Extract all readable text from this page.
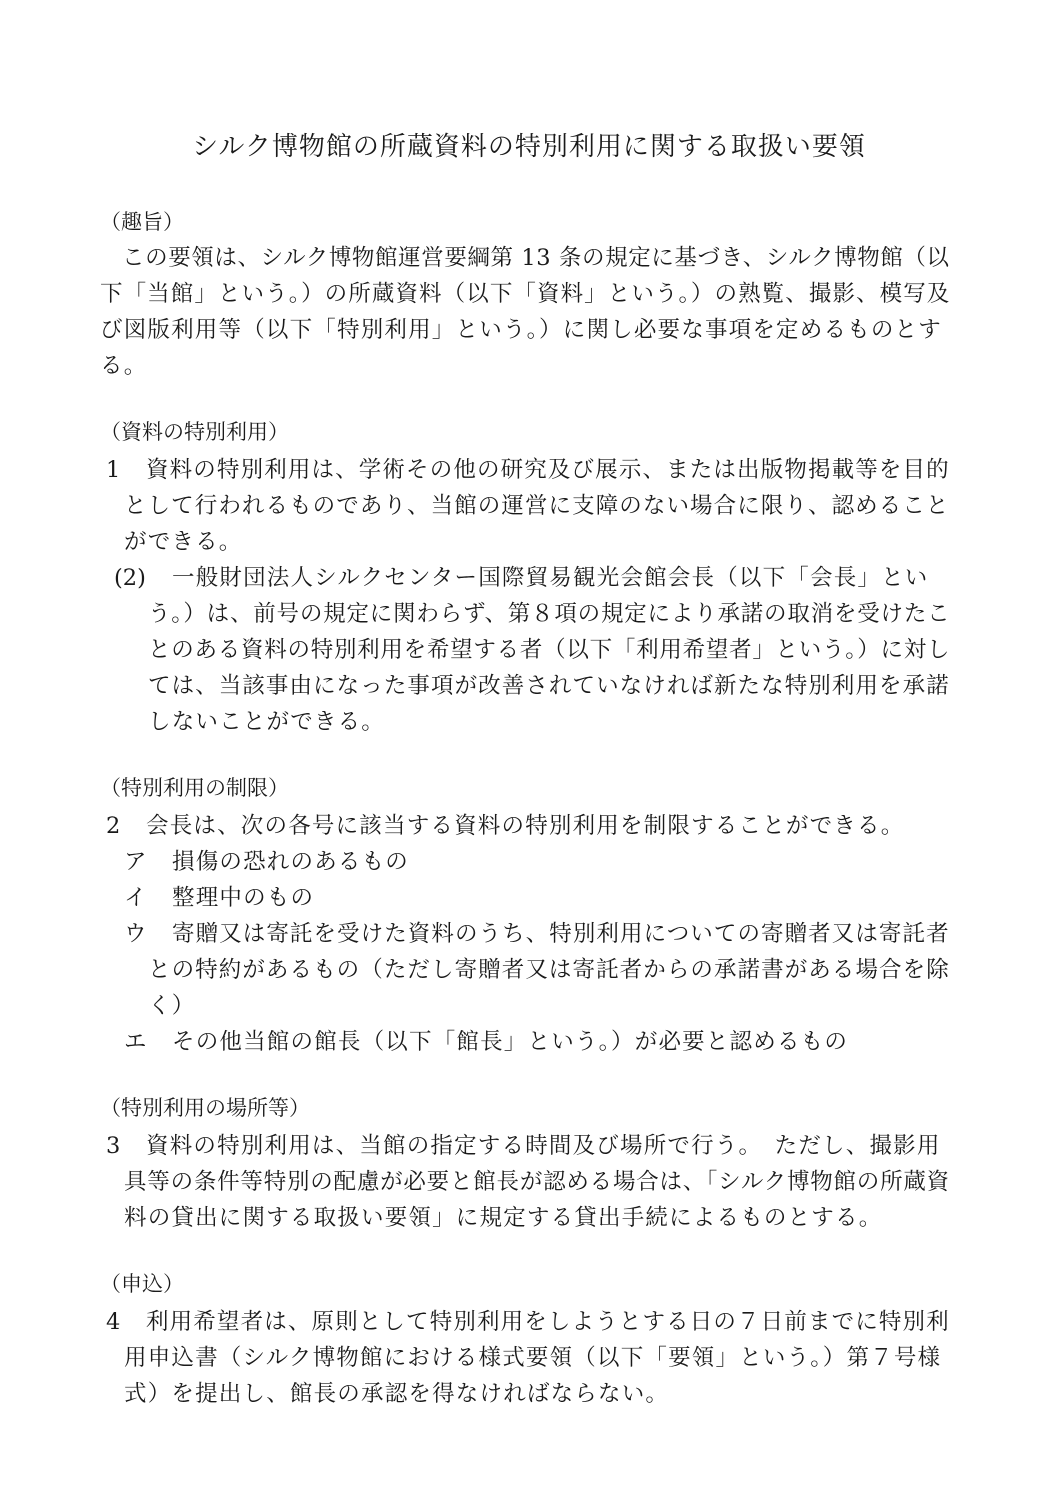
シルク博物館の所蔵資料の特別利用に関する取扱い要領
（趣旨）
この要領は、シルク博物館運営要綱第 13 条の規定に基づき、シルク博物館（以
下「当館」という。）の所蔵資料（以下「資料」という。）の熟覧、撮影、模写及
び図版利用等（以下「特別利用」という。）に関し必要な事項を定めるものとす
る。
（資料の特別利用）
1 資料の特別利用は、学術その他の研究及び展示、または出版物掲載等を目的
として行われるものであり、当館の運営に支障のない場合に限り、認めること
ができる。
(2) 一般財団法人シルクセンター国際貿易観光会館会長（以下「会長」とい
う。）は、前号の規定に関わらず、第８項の規定により承諾の取消を受けたこ
とのある資料の特別利用を希望する者（以下「利用希望者」という。）に対し
ては、当該事由になった事項が改善されていなければ新たな特別利用を承諾
しないことができる。
（特別利用の制限）
2 会長は、次の各号に該当する資料の特別利用を制限することができる。
ア 損傷の恐れのあるもの
イ 整理中のもの
ウ 寄贈又は寄託を受けた資料のうち、特別利用についての寄贈者又は寄託者
との特約があるもの（ただし寄贈者又は寄託者からの承諾書がある場合を除
く）
エ その他当館の館長（以下「館長」という。）が必要と認めるもの
（特別利用の場所等）
3 資料の特別利用は、当館の指定する時間及び場所で行う。　ただし、撮影用
具等の条件等特別の配慮が必要と館長が認める場合は、「シルク博物館の所蔵資
料の貸出に関する取扱い要領」に規定する貸出手続によるものとする。
（申込）
4 利用希望者は、原則として特別利用をしようとする日の７日前までに特別利
用申込書（シルク博物館における様式要領（以下「要領」という。）第７号様
式）を提出し、館長の承認を得なければならない。
